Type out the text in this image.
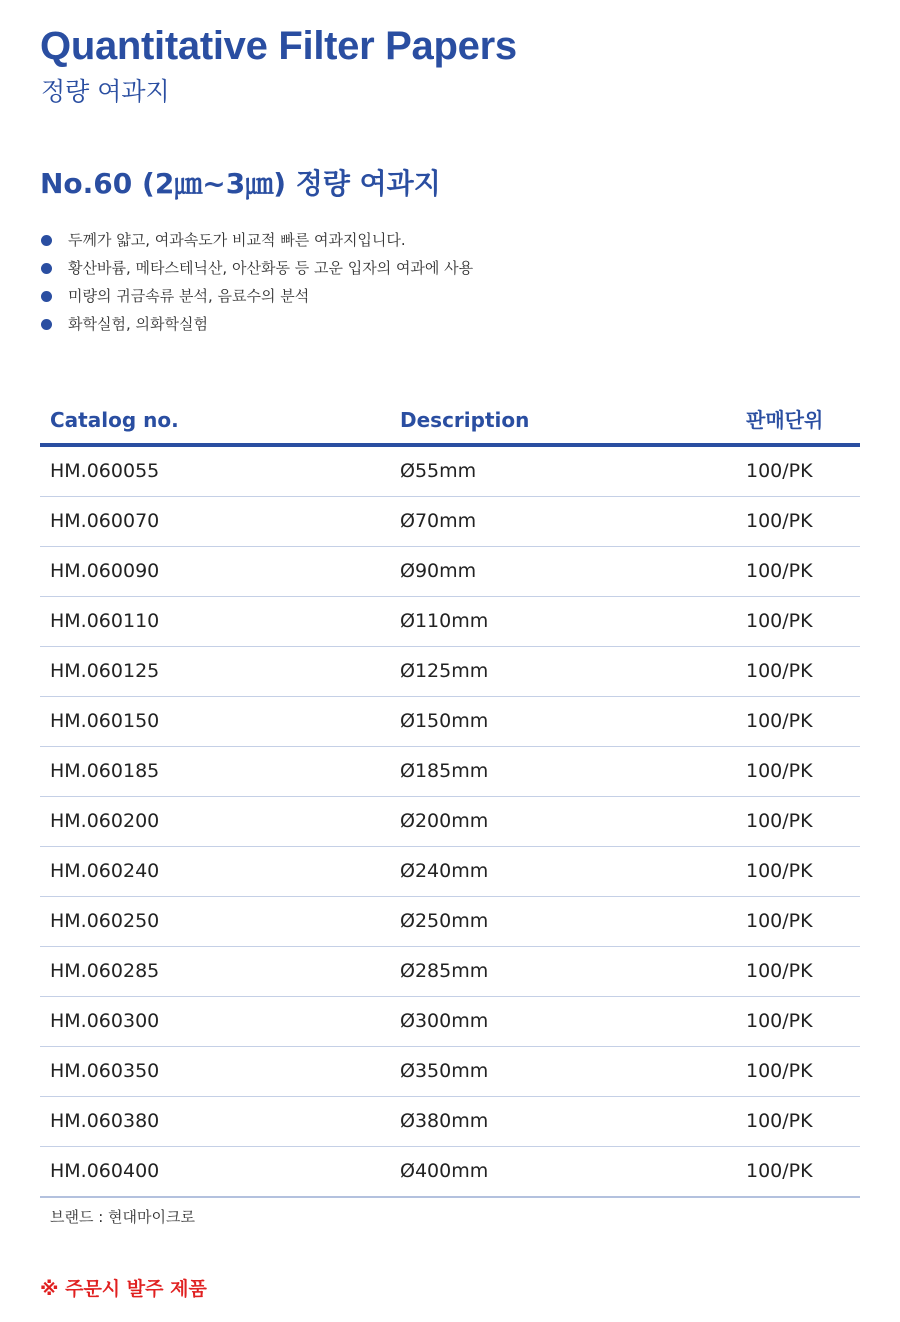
Quantitative Filter Papers
정량 여과지
No.60 (2㎛~3㎛) 정량 여과지
두께가 얇고, 여과속도가 비교적 빠른 여과지입니다.
황산바륨, 메타스테닉산, 아산화동 등 고운 입자의 여과에 사용
미량의 귀금속류 분석, 음료수의 분석
화학실험, 의화학실험
Catalog no.	Description	판매단위
HM.060055	Ø55mm	100/PK
HM.060070	Ø70mm	100/PK
HM.060090	Ø90mm	100/PK
HM.060110	Ø110mm	100/PK
HM.060125	Ø125mm	100/PK
HM.060150	Ø150mm	100/PK
HM.060185	Ø185mm	100/PK
HM.060200	Ø200mm	100/PK
HM.060240	Ø240mm	100/PK
HM.060250	Ø250mm	100/PK
HM.060285	Ø285mm	100/PK
HM.060300	Ø300mm	100/PK
HM.060350	Ø350mm	100/PK
HM.060380	Ø380mm	100/PK
HM.060400	Ø400mm	100/PK
브랜드 : 현대마이크로
※ 주문시 발주 제품
